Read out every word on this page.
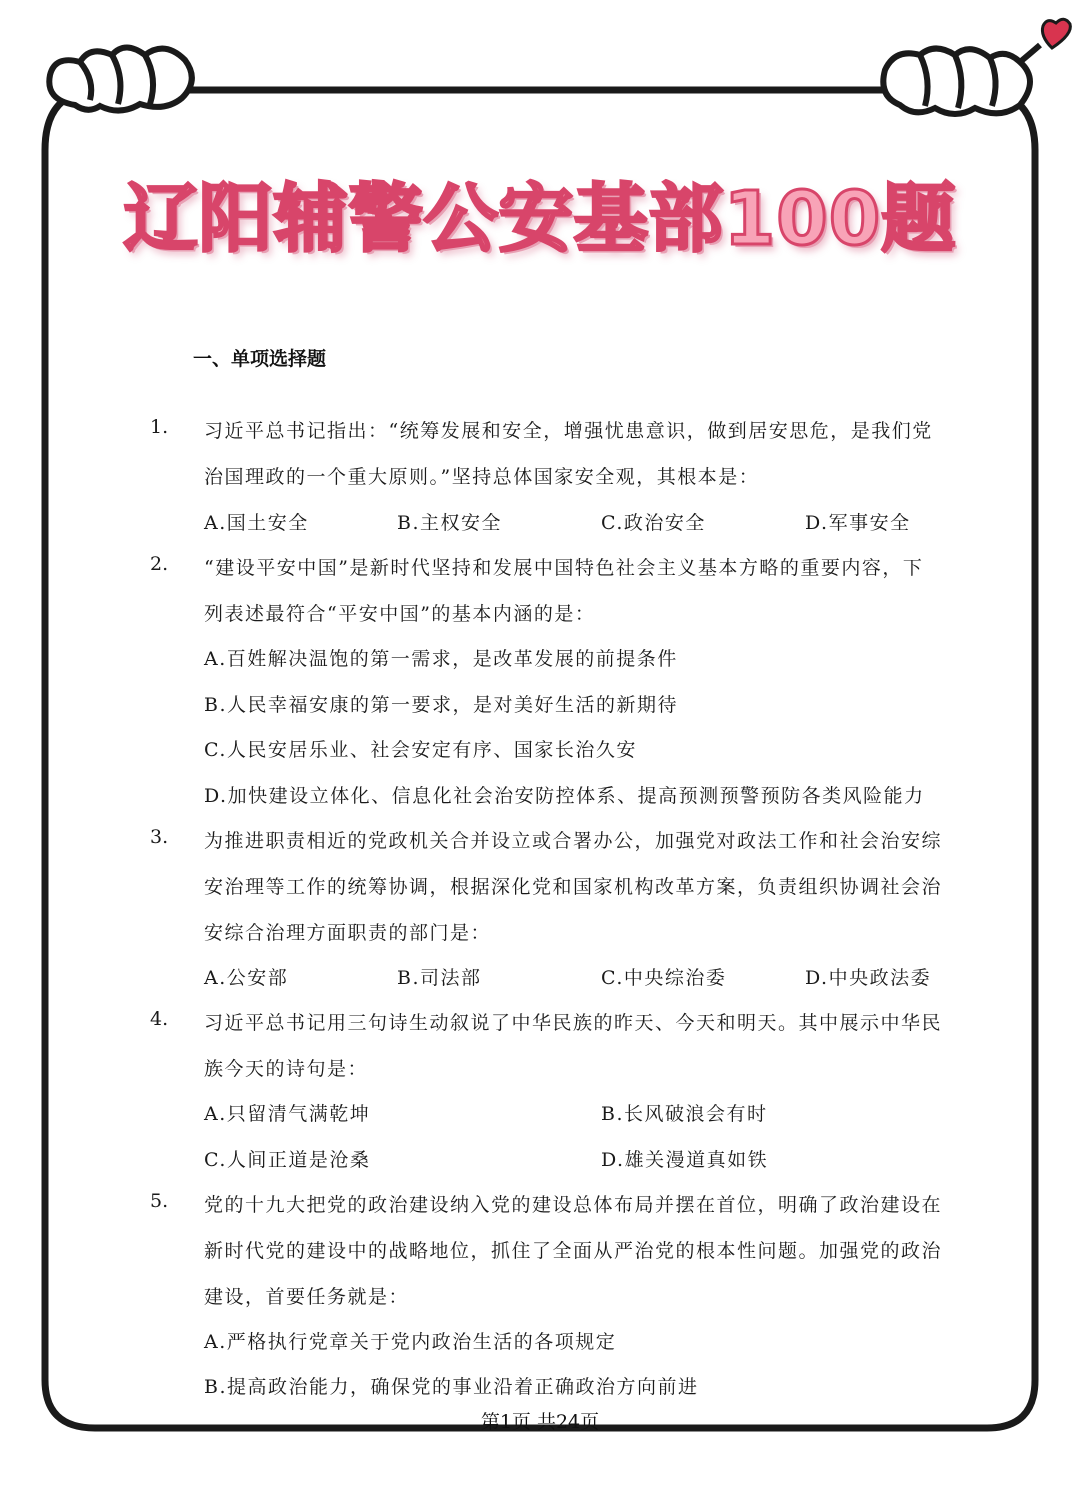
辽阳辅警公安基部100题
一、单项选择题
1.	习近平总书记指出：“统筹发展和安全，增强忧患意识，做到居安思危，是我们党
治国理政的一个重大原则。”坚持总体国家安全观，其根本是：
A.国土安全	B.主权安全	C.政治安全	D.军事安全
2.	“建设平安中国”是新时代坚持和发展中国特色社会主义基本方略的重要内容，下
列表述最符合“平安中国”的基本内涵的是：
A.百姓解决温饱的第一需求，是改革发展的前提条件
B.人民幸福安康的第一要求，是对美好生活的新期待
C.人民安居乐业、社会安定有序、国家长治久安
D.加快建设立体化、信息化社会治安防控体系、提高预测预警预防各类风险能力
3.	为推进职责相近的党政机关合并设立或合署办公，加强党对政法工作和社会治安综
安治理等工作的统筹协调，根据深化党和国家机构改革方案，负责组织协调社会治
安综合治理方面职责的部门是：
A.公安部	B.司法部	C.中央综治委	D.中央政法委
4.	习近平总书记用三句诗生动叙说了中华民族的昨天、今天和明天。其中展示中华民
族今天的诗句是：
A.只留清气满乾坤	B.长风破浪会有时
C.人间正道是沧桑	D.雄关漫道真如铁
5.	党的十九大把党的政治建设纳入党的建设总体布局并摆在首位，明确了政治建设在
新时代党的建设中的战略地位，抓住了全面从严治党的根本性问题。加强党的政治
建设，首要任务就是：
A.严格执行党章关于党内政治生活的各项规定
B.提高政治能力，确保党的事业沿着正确政治方向前进
第1页 共24页
